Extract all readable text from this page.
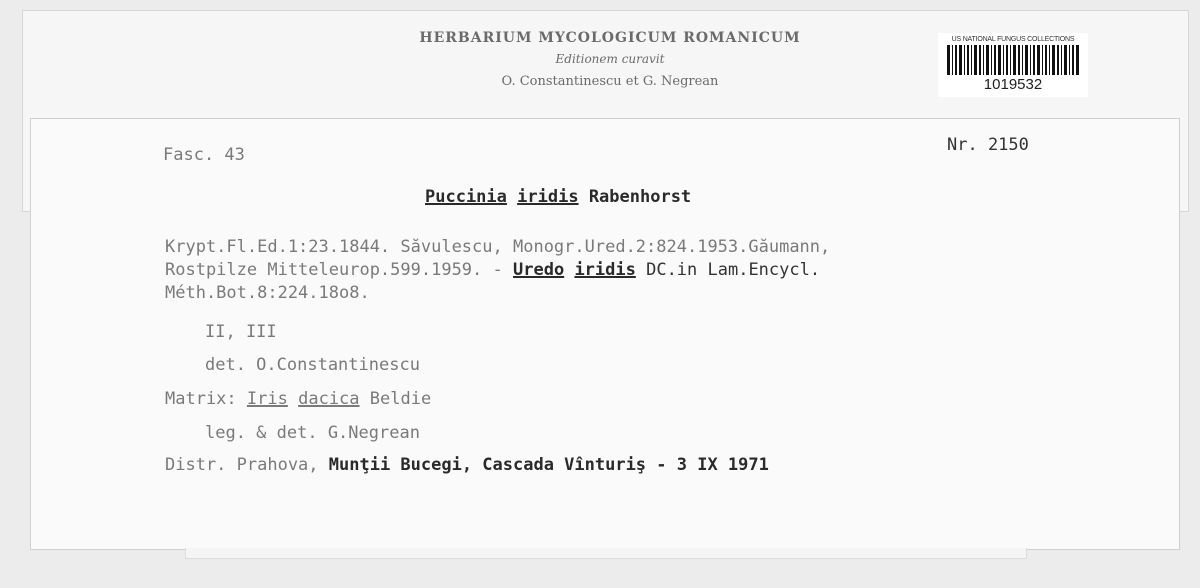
HERBARIUM MYCOLOGICUM ROMANICUM
Editionem curavit
O. Constantinescu et G. Negrean
US NATIONAL FUNGUS COLLECTIONS
1019532
Fasc. 43	Nr. 2150
Puccinia iridis Rabenhorst
Krypt.Fl.Ed.1:23.1844. Săvulescu, Monogr.Ured.2:824.1953.Găumann,
Rostpilze Mitteleurop.599.1959. - Uredo iridis DC.in Lam.Encycl.
Méth.Bot.8:224.18o8.
II, III
det. O.Constantinescu
Matrix: Iris dacica Beldie
leg. & det. G.Negrean
Distr. Prahova, Munţii Bucegi, Cascada Vînturiş - 3 IX 1971
